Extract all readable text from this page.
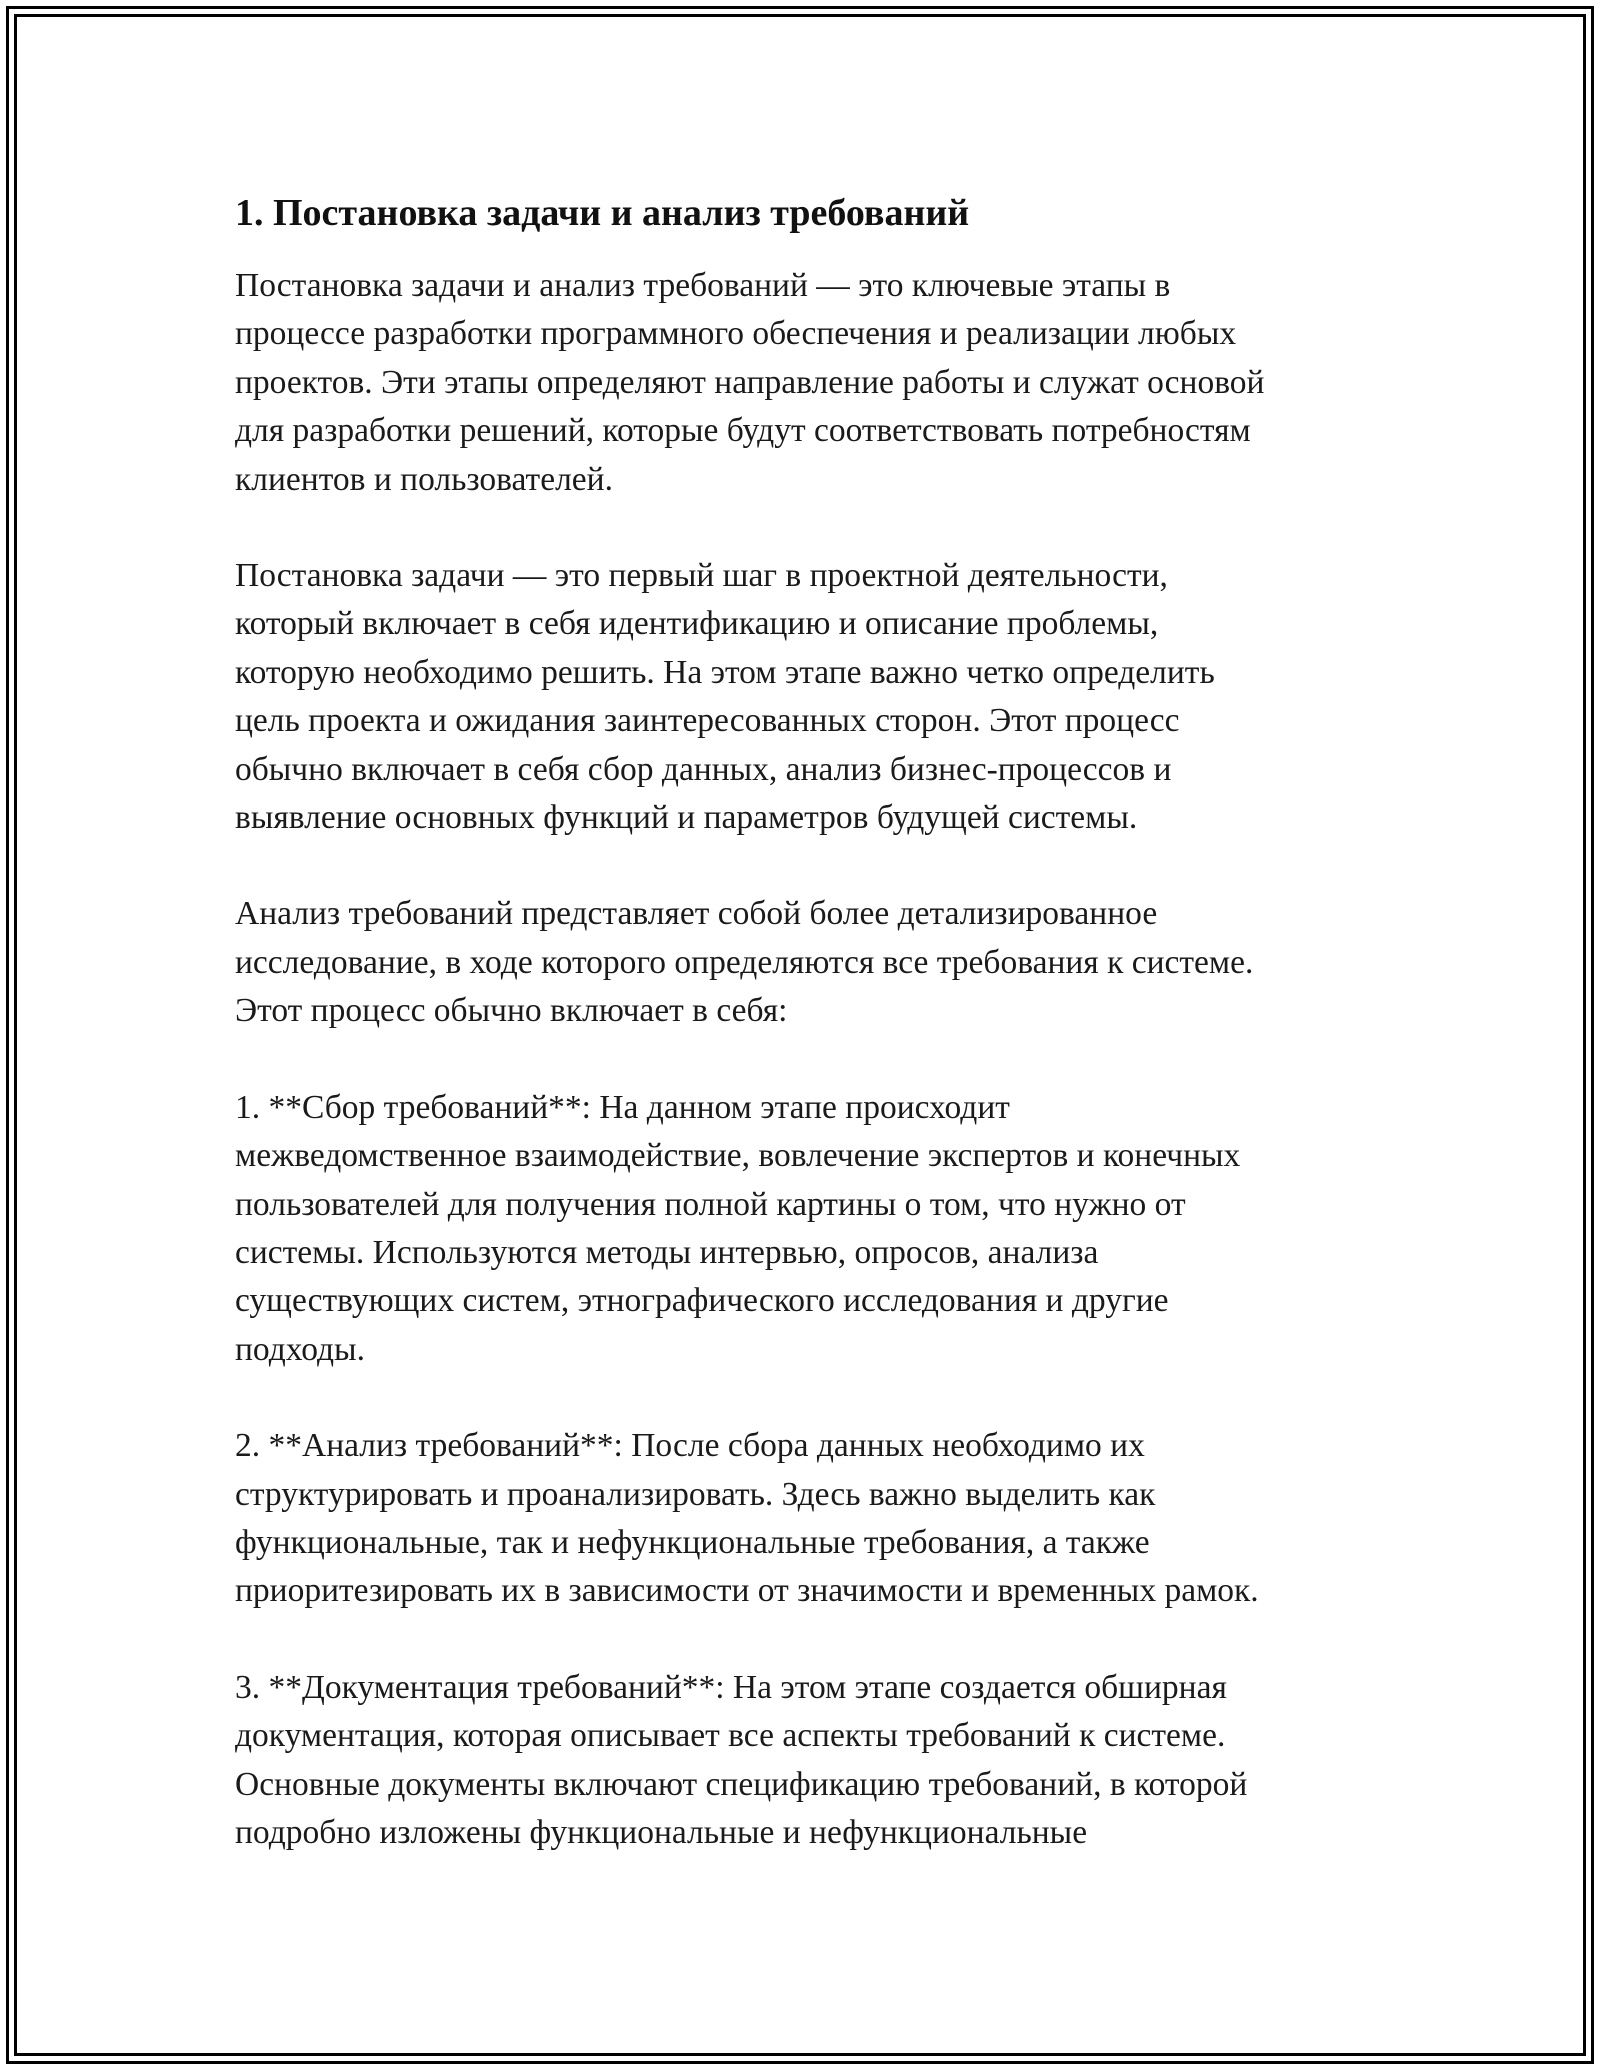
1. Постановка задачи и анализ требований

Постановка задачи и анализ требований — это ключевые этапы в
процессе разработки программного обеспечения и реализации любых
проектов. Эти этапы определяют направление работы и служат основой
для разработки решений, которые будут соответствовать потребностям
клиентов и пользователей.

Постановка задачи — это первый шаг в проектной деятельности,
который включает в себя идентификацию и описание проблемы,
которую необходимо решить. На этом этапе важно четко определить
цель проекта и ожидания заинтересованных сторон. Этот процесс
обычно включает в себя сбор данных, анализ бизнес-процессов и
выявление основных функций и параметров будущей системы.

Анализ требований представляет собой более детализированное
исследование, в ходе которого определяются все требования к системе.
Этот процесс обычно включает в себя:

1. **Сбор требований**: На данном этапе происходит
межведомственное взаимодействие, вовлечение экспертов и конечных
пользователей для получения полной картины о том, что нужно от
системы. Используются методы интервью, опросов, анализа
существующих систем, этнографического исследования и другие
подходы.

2. **Анализ требований**: После сбора данных необходимо их
структурировать и проанализировать. Здесь важно выделить как
функциональные, так и нефункциональные требования, а также
приоритезировать их в зависимости от значимости и временных рамок.

3. **Документация требований**: На этом этапе создается обширная
документация, которая описывает все аспекты требований к системе.
Основные документы включают спецификацию требований, в которой
подробно изложены функциональные и нефункциональные
